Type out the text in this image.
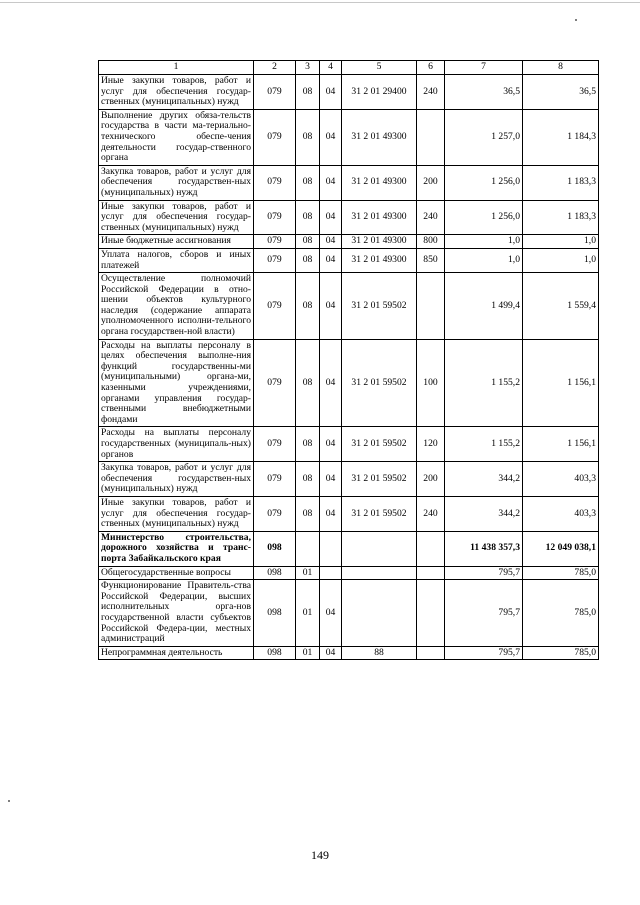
1	2	3	4	5	6	7	8
Иные закупки товаров, работ и услуг для обеспечения государ-ственных (муниципальных) нужд	079	08	04	31 2 01 29400	240	36,5	36,5
Выполнение других обяза-тельств государства в части ма-териально-технического обеспе-чения деятельности государ-ственного органа	079	08	04	31 2 01 49300		1 257,0	1 184,3
Закупка товаров, работ и услуг для обеспечения государствен-ных (муниципальных) нужд	079	08	04	31 2 01 49300	200	1 256,0	1 183,3
Иные закупки товаров, работ и услуг для обеспечения государ-ственных (муниципальных) нужд	079	08	04	31 2 01 49300	240	1 256,0	1 183,3
Иные бюджетные ассигнования	079	08	04	31 2 01 49300	800	1,0	1,0
Уплата налогов, сборов и иных платежей	079	08	04	31 2 01 49300	850	1,0	1,0
Осуществление полномочий Российской Федерации в отно-шении объектов культурного наследия (содержание аппарата уполномоченного исполни-тельного органа государствен-ной власти)	079	08	04	31 2 01 59502		1 499,4	1 559,4
Расходы на выплаты персоналу в целях обеспечения выполне-ния функций государственны-ми (муниципальными) органа-ми, казенными учреждениями, органами управления государ-ственными внебюджетными фондами	079	08	04	31 2 01 59502	100	1 155,2	1 156,1
Расходы на выплаты персоналу государственных (муниципаль-ных) органов	079	08	04	31 2 01 59502	120	1 155,2	1 156,1
Закупка товаров, работ и услуг для обеспечения государствен-ных (муниципальных) нужд	079	08	04	31 2 01 59502	200	344,2	403,3
Иные закупки товаров, работ и услуг для обеспечения государ-ственных (муниципальных) нужд	079	08	04	31 2 01 59502	240	344,2	403,3
Министерство строительства, дорожного хозяйства и транс-порта Забайкальского края	098					11 438 357,3	12 049 038,1
Общегосударственные вопросы	098	01				795,7	785,0
Функционирование Правитель-ства Российской Федерации, высших исполнительных орга-нов государственной власти субъектов Российской Федера-ции, местных администраций	098	01	04			795,7	785,0
Непрограммная деятельность	098	01	04	88		795,7	785,0
149
